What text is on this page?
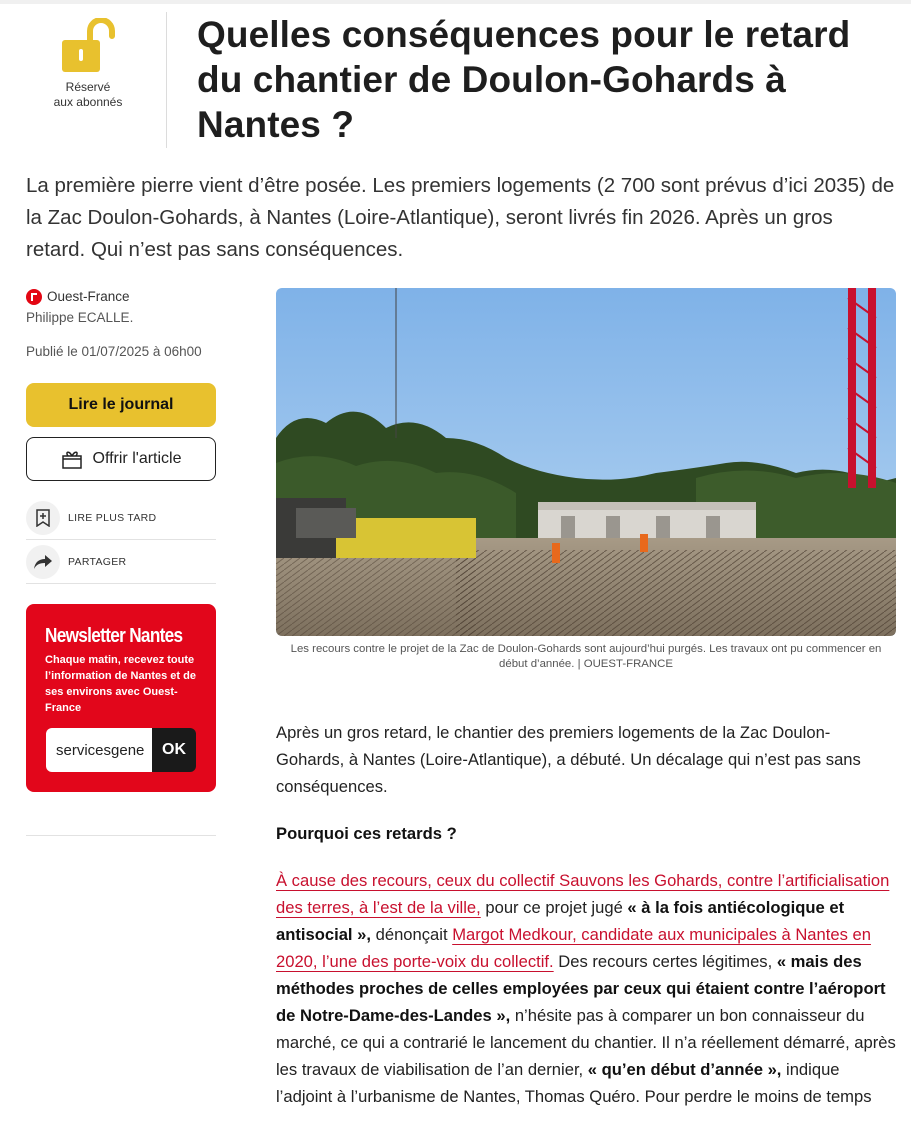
Réservé
aux abonnés
Quelles conséquences pour le retard du chantier de Doulon-Gohards à Nantes ?

La première pierre vient d’être posée. Les premiers logements (2 700 sont prévus d’ici 2035) de la Zac Doulon-Gohards, à Nantes (Loire-Atlantique), seront livrés fin 2026. Après un gros retard. Qui n’est pas sans conséquences.

Ouest-France
Philippe ECALLE.
Publié le 01/07/2025 à 06h00
Lire le journal
Offrir l'article
LIRE PLUS TARD
PARTAGER
Newsletter Nantes
Chaque matin, recevez toute l’information de Nantes et de ses environs avec Ouest-France
servicesgene
OK
Les recours contre le projet de la Zac de Doulon-Gohards sont aujourd’hui purgés. Les travaux ont pu commencer en début d’année. | OUEST-FRANCE

Après un gros retard, le chantier des premiers logements de la Zac Doulon-Gohards, à Nantes (Loire-Atlantique), a débuté. Un décalage qui n’est pas sans conséquences.

Pourquoi ces retards ?

À cause des recours, ceux du collectif Sauvons les Gohards, contre l’artificialisation des terres, à l’est de la ville, pour ce projet jugé « à la fois antiécologique et antisocial », dénonçait Margot Medkour, candidate aux municipales à Nantes en 2020, l’une des porte-voix du collectif. Des recours certes légitimes, « mais des méthodes proches de celles employées par ceux qui étaient contre l’aéroport de Notre-Dame-des-Landes », n’hésite pas à comparer un bon connaisseur du marché, ce qui a contrarié le lancement du chantier. Il n’a réellement démarré, après les travaux de viabilisation de l’an dernier, « qu’en début d’année », indique l’adjoint à l’urbanisme de Nantes, Thomas Quéro. Pour perdre le moins de temps
